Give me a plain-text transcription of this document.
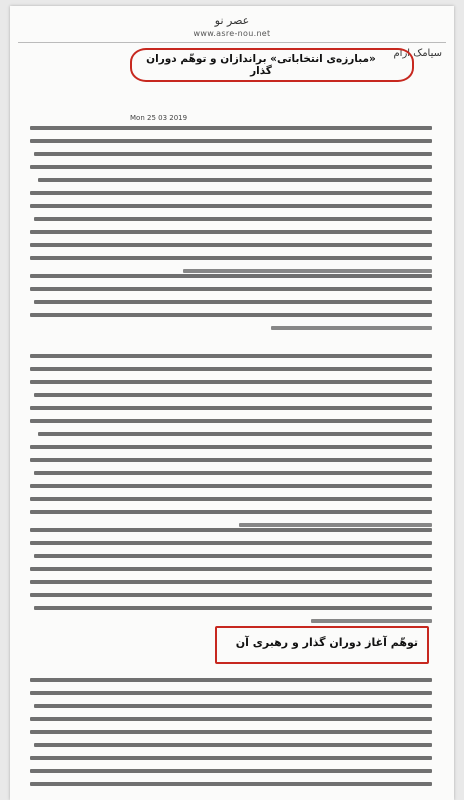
عصر نو
www.asre-nou.net
سیامک ازام
«مبارزه‌ی انتخاباتی» براندازان و توهّم دوران گذار
Mon 25 03 2019
توهّم آغاز دوران گذار و رهبری آن
